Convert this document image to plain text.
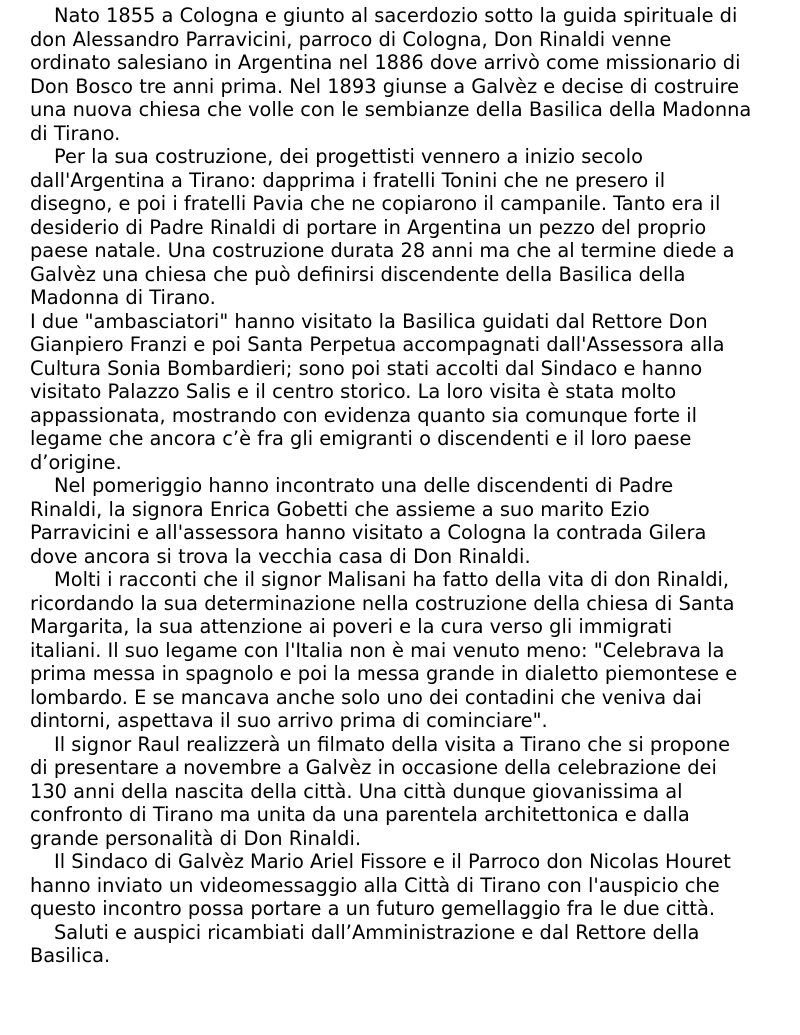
Nato 1855 a Cologna e giunto al sacerdozio sotto la guida spirituale di
don Alessandro Parravicini, parroco di Cologna, Don Rinaldi venne
ordinato salesiano in Argentina nel 1886 dove arrivò come missionario di
Don Bosco tre anni prima. Nel 1893 giunse a Galvèz e decise di costruire
una nuova chiesa che volle con le sembianze della Basilica della Madonna
di Tirano.

Per la sua costruzione, dei progettisti vennero a inizio secolo
dall'Argentina a Tirano: dapprima i fratelli Tonini che ne presero il
disegno, e poi i fratelli Pavia che ne copiarono il campanile. Tanto era il
desiderio di Padre Rinaldi di portare in Argentina un pezzo del proprio
paese natale. Una costruzione durata 28 anni ma che al termine diede a
Galvèz una chiesa che può definirsi discendente della Basilica della
Madonna di Tirano.

I due "ambasciatori" hanno visitato la Basilica guidati dal Rettore Don
Gianpiero Franzi e poi Santa Perpetua accompagnati dall'Assessora alla
Cultura Sonia Bombardieri; sono poi stati accolti dal Sindaco e hanno
visitato Palazzo Salis e il centro storico. La loro visita è stata molto
appassionata, mostrando con evidenza quanto sia comunque forte il
legame che ancora c’è fra gli emigranti o discendenti e il loro paese
d’origine.

Nel pomeriggio hanno incontrato una delle discendenti di Padre
Rinaldi, la signora Enrica Gobetti che assieme a suo marito Ezio
Parravicini e all'assessora hanno visitato a Cologna la contrada Gilera
dove ancora si trova la vecchia casa di Don Rinaldi.

Molti i racconti che il signor Malisani ha fatto della vita di don Rinaldi,
ricordando la sua determinazione nella costruzione della chiesa di Santa
Margarita, la sua attenzione ai poveri e la cura verso gli immigrati
italiani. Il suo legame con l'Italia non è mai venuto meno: "Celebrava la
prima messa in spagnolo e poi la messa grande in dialetto piemontese e
lombardo. E se mancava anche solo uno dei contadini che veniva dai
dintorni, aspettava il suo arrivo prima di cominciare".

Il signor Raul realizzerà un filmato della visita a Tirano che si propone
di presentare a novembre a Galvèz in occasione della celebrazione dei
130 anni della nascita della città. Una città dunque giovanissima al
confronto di Tirano ma unita da una parentela architettonica e dalla
grande personalità di Don Rinaldi.

Il Sindaco di Galvèz Mario Ariel Fissore e il Parroco don Nicolas Houret
hanno inviato un videomessaggio alla Città di Tirano con l'auspicio che
questo incontro possa portare a un futuro gemellaggio fra le due città.

Saluti e auspici ricambiati dall’Amministrazione e dal Rettore della
Basilica.
